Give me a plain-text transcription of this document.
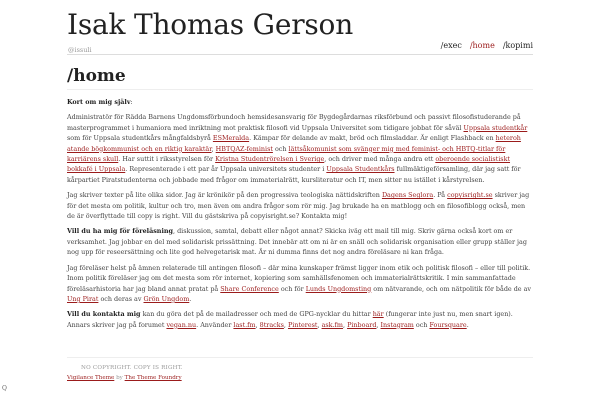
Isak Thomas Gerson
@issuli	/exec /home /kopimi
/home

Kort om mig själv:

Administratör för Rädda Barnens Ungdomsförbundoch hemsidesansvarig för Bygdegårdarnas riksförbund och passivt filosofistuderande på masterprogrammet i humaniora med inriktning mot praktisk filosofi vid Uppsala Universitet som tidigare jobbat för såväl Uppsala studentkår som för Uppsala studentkårs mångfaldsbyrå ESMeralda. Kämpar för delande av makt, bröd och filmsladdar. Är enligt Flashback en heteroh​atande bögkommunist och en riktig karaktär, HBTQAZ-feminist och lättsåkomunist som svänger mig med feminist- och HBTQ-titlar för karriärens skull. Har suttit i riksstyrelsen för Kristna Studentrörelsen i Sverige, och driver med många andra ett oberoende socialistiskt bokkafé i Uppsala. Representerade i ett par år Uppsala universitets studenter i Uppsala Studentkårs fullmäktigeförsamling, där jag satt för kårpartiet Piratstudenterna och jobbade med frågor om immaterialrätt, kursliteratur och IT, men sitter nu istället i kårstyrelsen.

Jag skriver texter på lite olika sidor. Jag är krönikör på den progressiva teologiska nättidskriften Dagens Seglora. På copyisright.se skriver jag för det mesta om politik, kultur och tro, men även om andra frågor som rör mig. Jag brukade ha en matblogg och en filosofiblogg också, men de är överflyttade till copy is right. Vill du gästskriva på copyisright.se? Kontakta mig!

Vill du ha mig för föreläsning, diskussion, samtal, debatt eller något annat? Skicka iväg ett mail till mig. Skriv gärna också kort om er verksamhet. Jag jobbar en del med solidarisk prissättning. Det innebär att om ni är en snäll och solidarisk organisation eller grupp ställer jag nog upp för reseersättning och lite god helvegetarisk mat. Är ni dumma finns det nog andra föreläsare ni kan fråga.

Jag föreläser helst på ämnen relaterade till antingen filosofi – där mina kunskaper främst ligger inom etik och politisk filosofi – eller till politik. Inom politik föreläser jag om det mesta som rör internet, kopiering som samhällsfenomen och immaterialrättskritik. I min sammanfattade föreläsarhistoria har jag bland annat pratat på Share Conference och för Lunds Ungdomsting om nätvarande, och om nätpolitik för både de av Ung Pirat och deras av Grön Ungdom.

Vill du kontakta mig kan du göra det på de mailadresser och med de GPG-nycklar du hittar här (fungerar inte just nu, men snart igen). Annars skriver jag på forumet vegan.nu. Använder last.fm, 8tracks, Pinterest, ask.fm, Pinboard, Instagram och Foursquare.

NO COPYRIGHT. COPY IS RIGHT.
Vigilance Theme by The Theme Foundry
Q
